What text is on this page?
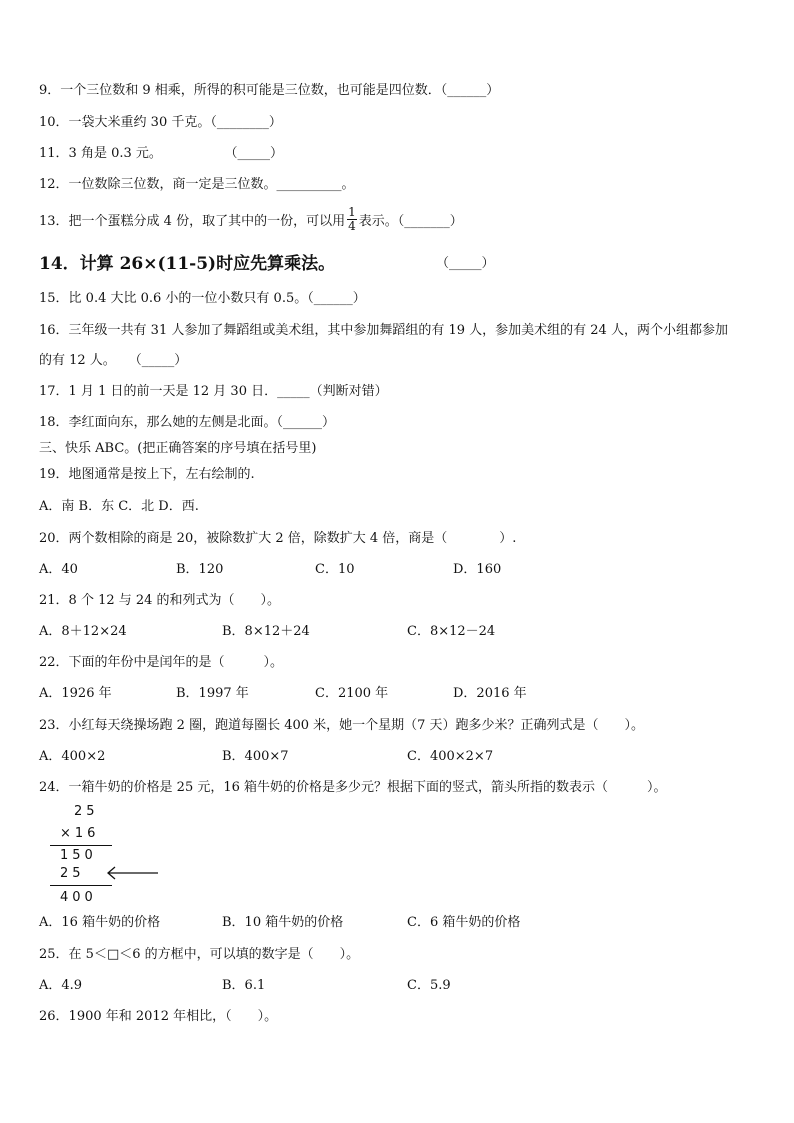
9．一个三位数和 9 相乘，所得的积可能是三位数，也可能是四位数．（______）
10．一袋大米重约 30 千克。（________）
11．3 角是 0.3 元。 　　　　　（_____）
12．一位数除三位数，商一定是三位数。__________。
13．把一个蛋糕分成 4 份，取了其中的一份，可以用 $\frac{1}{4}$ 表示。（_______）
14．计算 26×(11-5)时应先算乘法。	（_____）
15．比 0.4 大比 0.6 小的一位小数只有 0.5。（______）
16．三年级一共有 31 人参加了舞蹈组或美术组，其中参加舞蹈组的有 19 人，参加美术组的有 24 人，两个小组都参加
的有 12 人。　　（_____）
17．1 月 1 日的前一天是 12 月 30 日．_____（判断对错）
18．李红面向东，那么她的左侧是北面。（______）
三、快乐 ABC。(把正确答案的序号填在括号里)
19．地图通常是按上下，左右绘制的.
A．南 B．东 C．北 D．西.
20．两个数相除的商是 20，被除数扩大 2 倍，除数扩大 4 倍，商是（　　　　）.
A．40	B．120	C．10	D．160
21．8 个 12 与 24 的和列式为（　　）。
A．8＋12×24	B．8×12＋24	C．8×12－24
22．下面的年份中是闰年的是（　　　）。
A．1926 年	B．1997 年	C．2100 年	D．2016 年
23．小红每天绕操场跑 2 圈，跑道每圈长 400 米，她一个星期（7 天）跑多少米？正确列式是（　　）。
A．400×2	B．400×7	C．400×2×7
24．一箱牛奶的价格是 25 元，16 箱牛奶的价格是多少元？根据下面的竖式，箭头所指的数表示（　　　）。
25
×16
150
25
400
A．16 箱牛奶的价格	B．10 箱牛奶的价格	C．6 箱牛奶的价格
25．在 5＜□＜6 的方框中，可以填的数字是（　　）。
A．4.9	B．6.1	C．5.9
26．1900 年和 2012 年相比，（　　）。
